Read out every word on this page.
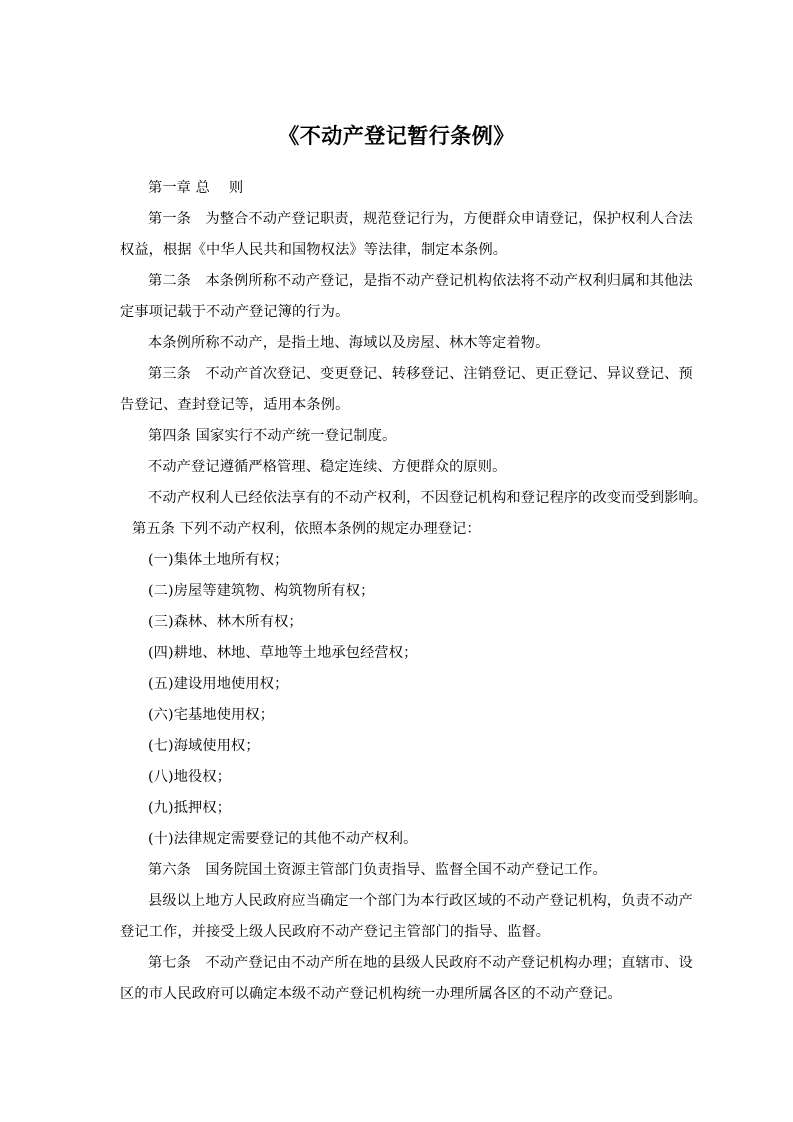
《不动产登记暂行条例》
第一章 总　 则
第一条　为整合不动产登记职责，规范登记行为，方便群众申请登记，保护权利人合法
权益，根据《中华人民共和国物权法》等法律，制定本条例。
第二条　本条例所称不动产登记，是指不动产登记机构依法将不动产权利归属和其他法
定事项记载于不动产登记簿的行为。
本条例所称不动产，是指土地、海域以及房屋、林木等定着物。
第三条　不动产首次登记、变更登记、转移登记、注销登记、更正登记、异议登记、预
告登记、查封登记等，适用本条例。
第四条 国家实行不动产统一登记制度。
不动产登记遵循严格管理、稳定连续、方便群众的原则。
不动产权利人已经依法享有的不动产权利，不因登记机构和登记程序的改变而受到影响。
第五条 下列不动产权利，依照本条例的规定办理登记：
(一)集体土地所有权；
(二)房屋等建筑物、构筑物所有权；
(三)森林、林木所有权；
(四)耕地、林地、草地等土地承包经营权；
(五)建设用地使用权；
(六)宅基地使用权；
(七)海域使用权；
(八)地役权；
(九)抵押权；
(十)法律规定需要登记的其他不动产权利。
第六条　国务院国土资源主管部门负责指导、监督全国不动产登记工作。
县级以上地方人民政府应当确定一个部门为本行政区域的不动产登记机构，负责不动产
登记工作，并接受上级人民政府不动产登记主管部门的指导、监督。
第七条　不动产登记由不动产所在地的县级人民政府不动产登记机构办理；直辖市、设
区的市人民政府可以确定本级不动产登记机构统一办理所属各区的不动产登记。
